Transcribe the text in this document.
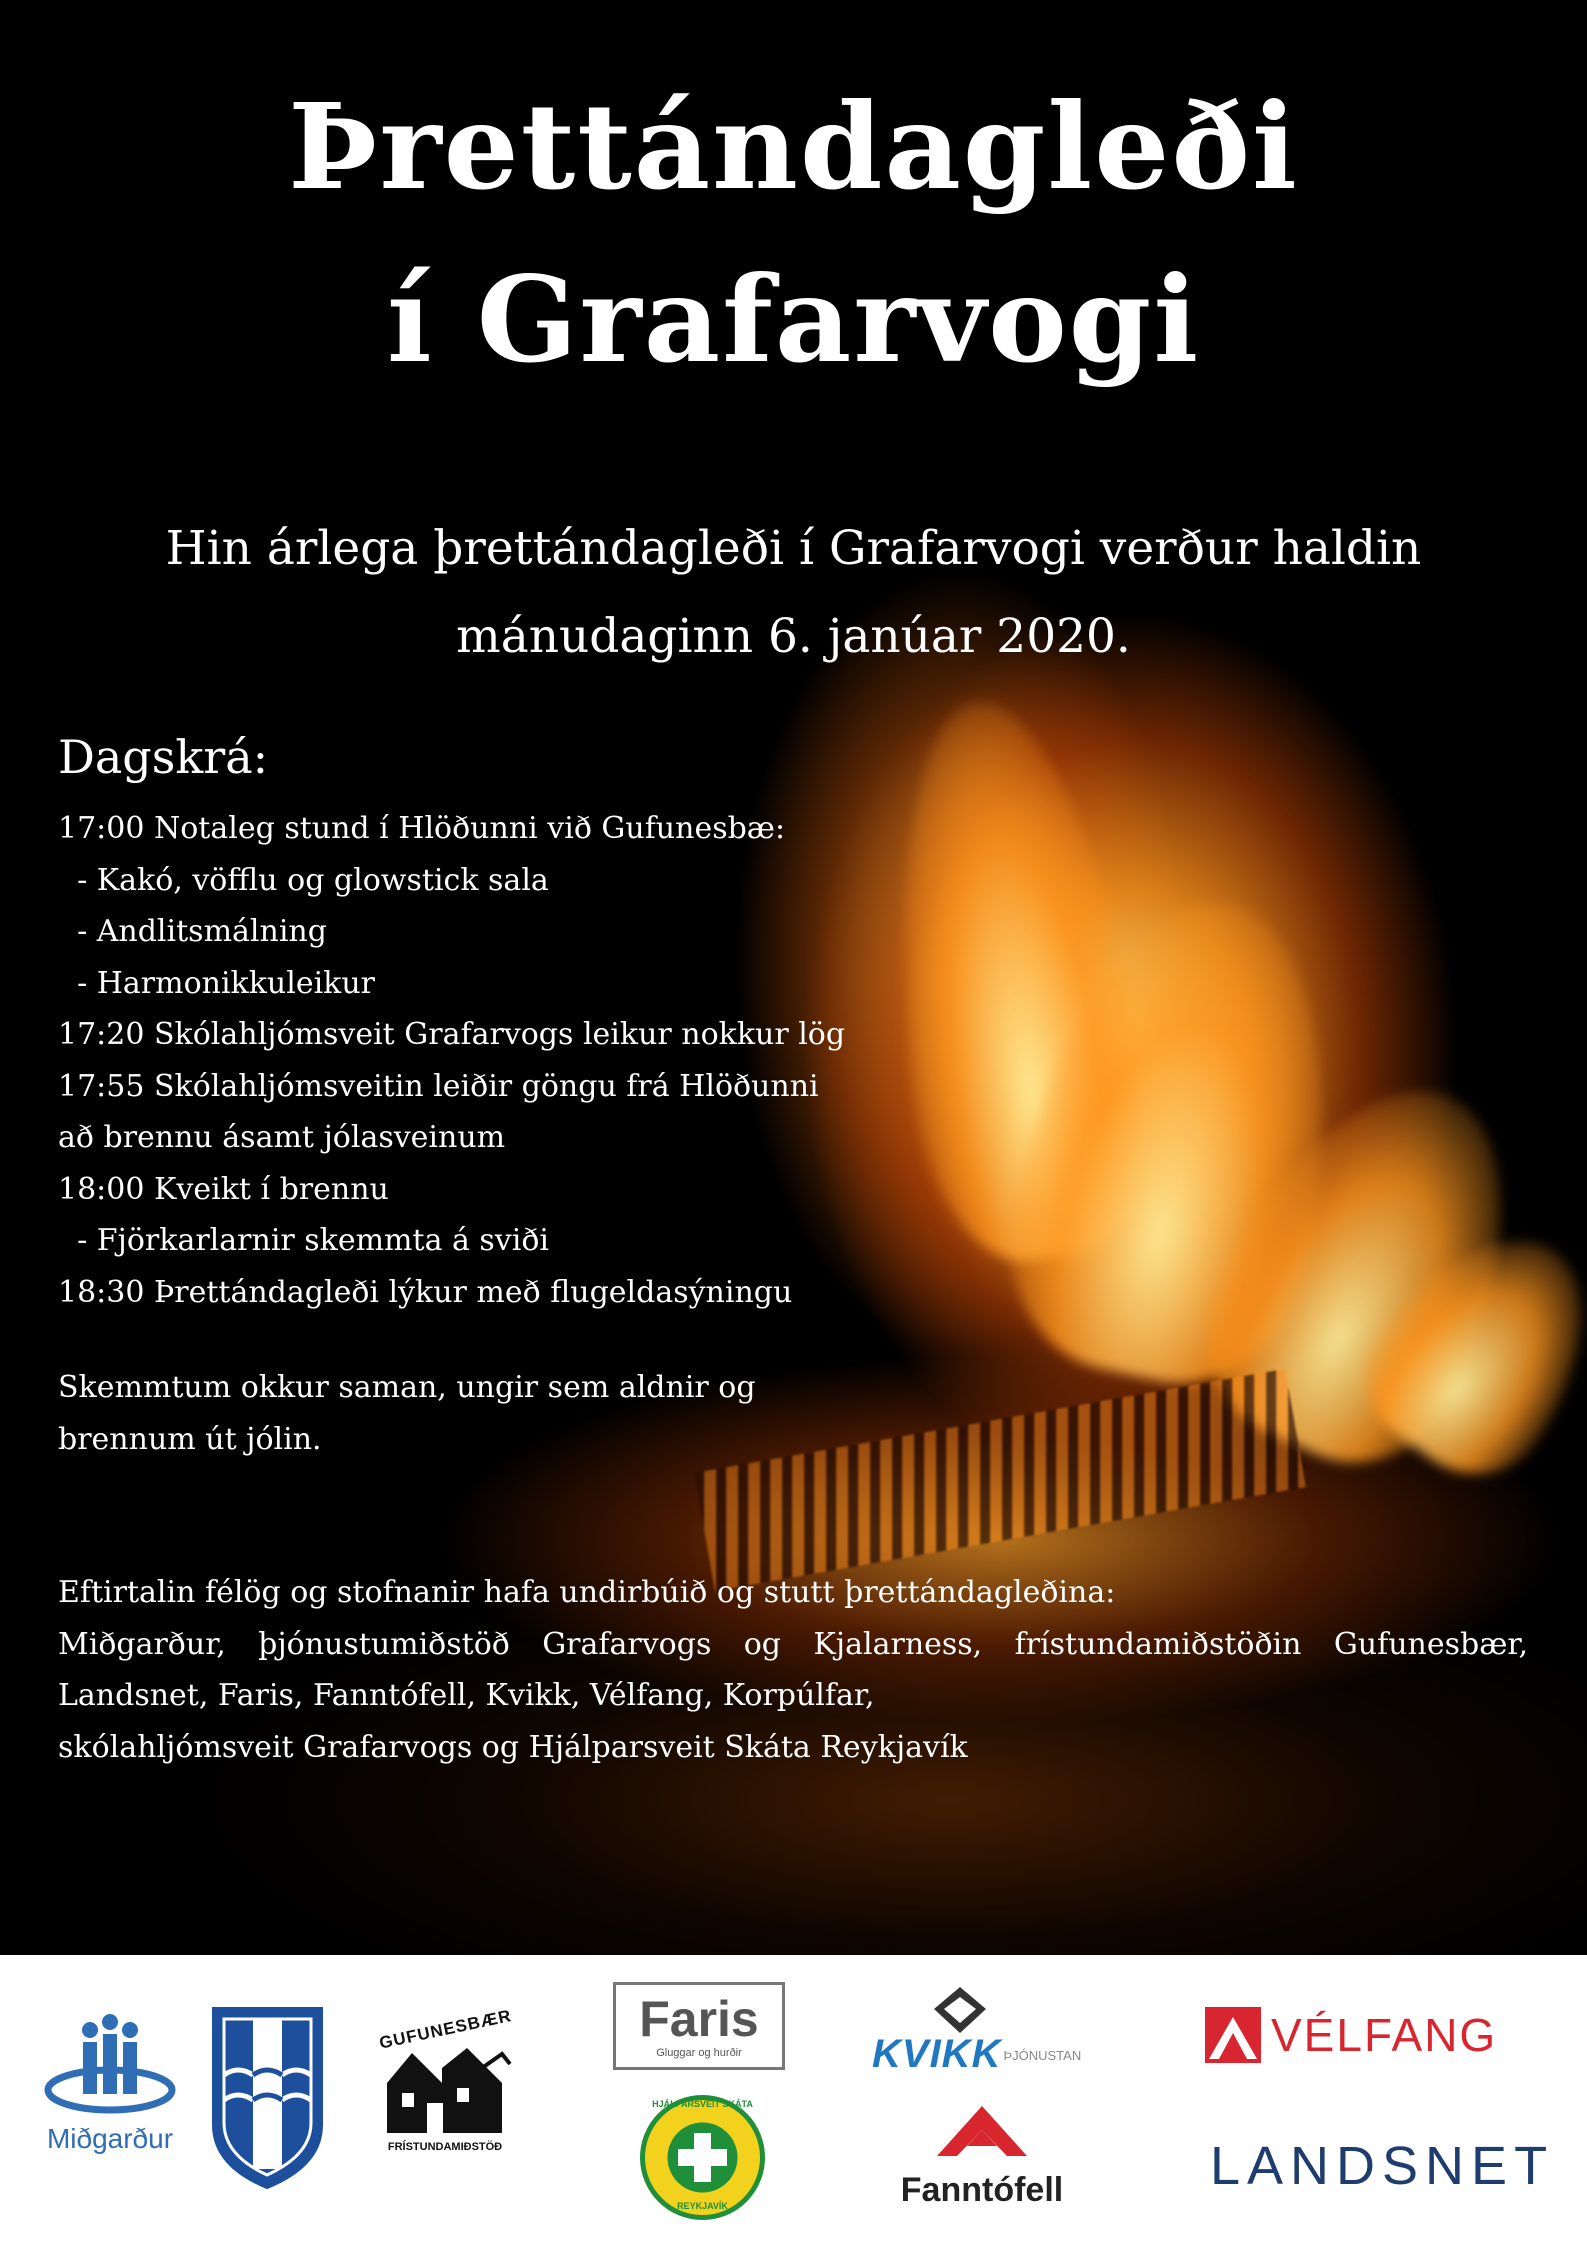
Þrettándagleði
í Grafarvogi
Hin árlega þrettándagleði í Grafarvogi verður haldin
mánudaginn 6. janúar 2020.
Dagskrá:
17:00 Notaleg stund í Hlöðunni við Gufunesbæ:
- Kakó, vöfflu og glowstick sala
- Andlitsmálning
- Harmonikkuleikur
17:20 Skólahljómsveit Grafarvogs leikur nokkur lög
17:55 Skólahljómsveitin leiðir göngu frá Hlöðunni
að brennu ásamt jólasveinum
18:00 Kveikt í brennu
- Fjörkarlarnir skemmta á sviði
18:30 Þrettándagleði lýkur með flugeldasýningu
Skemmtum okkur saman, ungir sem aldnir og
brennum út jólin.
Eftirtalin félög og stofnanir hafa undirbúið og stutt þrettándagleðina:
Miðgarður, þjónustumiðstöð Grafarvogs og Kjalarness, frístundamiðstöðin Gufunesbær,
Landsnet, Faris, Fanntófell, Kvikk, Vélfang, Korpúlfar,
skólahljómsveit Grafarvogs og Hjálparsveit Skáta Reykjavík
Miðgarður
GUFUNESBÆR
FRÍSTUNDAMIÐSTÖÐ
Faris
Gluggar og hurðir
HJÁLPARSVEIT SKÁTA
REYKJAVÍK
KVIKK ÞJÓNUSTAN
Fanntófell
VÉLFANG
LANDSNET
